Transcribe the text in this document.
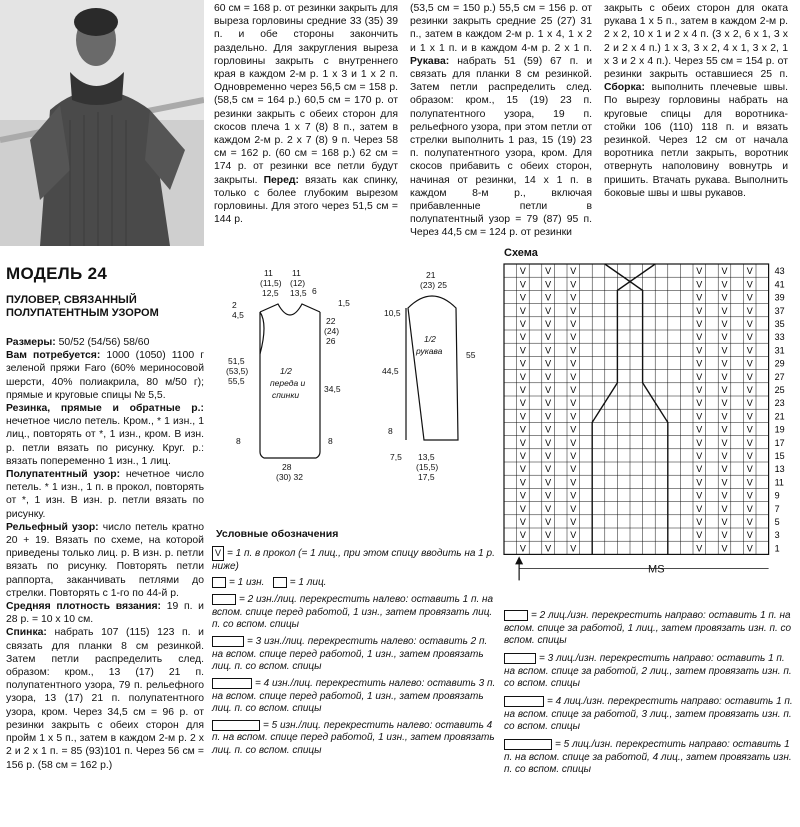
60 см = 168 р. от резинки закрыть для выреза горловины средние 33 (35) 39 п. и обе стороны закончить раздельно. Для закругления выреза горловины закрыть с внутреннего края в каждом 2-м р. 1 х 3 и 1 х 2 п. Одновременно через 56,5 см = 158 р. (58,5 см = 164 р.) 60,5 см = 170 р. от резинки закрыть с обеих сторон для скосов плеча 1 х 7 (8) 8 п., затем в каждом 2-м р. 2 х 7 (8) 9 п. Через 58 см = 162 р. (60 см = 168 р.) 62 см = 174 р. от резинки все петли будут закрыты. Перед: вязать как спинку, только с более глубоким вырезом горловины. Для этого через 51,5 см = 144 р.

(53,5 см = 150 р.) 55,5 см = 156 р. от резинки закрыть средние 25 (27) 31 п., затем в каждом 2-м р. 1 х 4, 1 х 2 и 1 х 1 п. и в каждом 4-м р. 2 х 1 п. Рукава: набрать 51 (59) 67 п. и связать для планки 8 см резинкой. Затем петли распределить след. образом: кром., 15 (19) 23 п. полупатентного узора, 19 п. рельефного узора, при этом петли от стрелки выполнить 1 раз, 15 (19) 23 п. полупатентного узора, кром. Для скосов прибавить с обеих сторон, начиная от резинки, 14 х 1 п. в каждом 8-м р., включая прибавленные петли в полупатентный узор = 79 (87) 95 п. Через 44,5 см = 124 р. от резинки

закрыть с обеих сторон для оката рукава 1 х 5 п., затем в каждом 2-м р. 2 х 2, 10 х 1 и 2 х 4 п. (3 х 2, 6 х 1, 3 х 2 и 2 х 4 п.) 1 х 3, 3 х 2, 4 х 1, 3 х 2, 1 х 3 и 2 х 4 п.). Через 55 см = 154 р. от резинки закрыть оставшиеся 25 п. Сборка: выполнить плечевые швы. По вырезу горловины набрать на круговые спицы для воротника-стойки 106 (110) 118 п. и вязать резинкой. Через 12 см от начала воротника петли закрыть, воротник отвернуть наполовину вовнутрь и пришить. Втачать рукава. Выполнить боковые швы и швы рукавов.

МОДЕЛЬ 24
ПУЛОВЕР, СВЯЗАННЫЙ ПОЛУПАТЕНТНЫМ УЗОРОМ

Размеры: 50/52 (54/56) 58/60
Вам потребуется: 1000 (1050) 1100 г зеленой пряжи Faro (60% мериносовой шерсти, 40% полиакрила, 80 м/50 г); прямые и круговые спицы № 5,5.
Резинка, прямые и обратные р.: нечетное число петель. Кром., * 1 изн., 1 лиц., повторять от *, 1 изн., кром. В изн. р. петли вязать по рисунку. Круг. р.: вязать попеременно 1 изн., 1 лиц.
Полупатентный узор: нечетное число петель. * 1 изн., 1 п. в прокол, повторять от *, 1 изн. В изн. р. петли вязать по рисунку.
Рельефный узор: число петель кратно 20 + 19. Вязать по схеме, на которой приведены только лиц. р. В изн. р. петли вязать по рисунку. Повторять петли раппорта, заканчивать петлями до стрелки. Повторять с 1-го по 44-й р.
Средняя плотность вязания: 19 п. и 28 р. = 10 х 10 см.
Спинка: набрать 107 (115) 123 п. и связать для планки 8 см резинкой. Затем петли распределить след. образом: кром., 13 (17) 21 п. полупатентного узора, 79 п. рельефного узора, 13 (17) 21 п. полупатентного узора, кром. Через 34,5 см = 96 р. от резинки закрыть с обеих сторон для пройм 1 х 5 п., затем в каждом 2-м р. 2 х 2 и 2 х 1 п. = 85 (93)101 п. Через 56 см = 156 р. (58 см = 162 р.)

11
(11,5)
12,5
11
(12)
13,5 6
2
4,5
1,5
22
(24)
26
51,5
(53,5)
55,5
34,5
1/2
переда и
спинки
8	8
28
(30) 32
21
(23) 25
10,5
44,5
55
1/2
рукава
8
7,5 13,5
(15,5)
17,5
Условные обозначения
V = 1 п. в прокол (= 1 лиц., при этом спицу вводить на 1 р. ниже)
= 1 изн.	= 1 лиц.
= 2 изн./лиц. перекрестить налево: оставить 1 п. на вспом. спице перед работой, 1 изн., затем провязать лиц. п. со вспом. спицы
= 3 изн./лиц. перекрестить налево: оставить 2 п. на вспом. спице перед работой, 1 изн., затем провязать лиц. п. со вспом. спицы
= 4 изн./лиц. перекрестить налево: оставить 3 п. на вспом. спице перед работой, 1 изн., затем провязать лиц. п. со вспом. спицы
= 5 изн./лиц. перекрестить налево: оставить 4 п. на вспом. спице перед работой, 1 изн., затем провязать лиц. п. со вспом. спицы
Схема
V V V	V V V 43
V V V	V V V 41
V V V	V V V 39
V V V	V V V 37
V V V	V V V 35
V V V	V V V 33
V V V	V V V 31
V V V	V V V 29
V V V	V V V 27
V V V	V V V 25
V V V	V V V 23
V V V	V V V 21
V V V	V V V 19
V V V	V V V 17
V V V	V V V 15
V V V	V V V 13
V V V	V V V 11
V V V	V V V 9
V V V	V V V 7
V V V	V V V 5
V V V	V V V 3
V V V	V V V 1
MS
= 2 лиц./изн. перекрестить направо: оставить 1 п. на вспом. спице за работой, 1 лиц., затем провязать изн. п. со вспом. спицы
= 3 лиц./изн. перекрестить направо: оставить 1 п. на вспом. спице за работой, 2 лиц., затем провязать изн. п. со вспом. спицы
= 4 лиц./изн. перекрестить направо: оставить 1 п. на вспом. спице за работой, 3 лиц., затем провязать изн. п. со вспом. спицы
= 5 лиц./изн. перекрестить направо: оставить 1 п. на вспом. спице за работой, 4 лиц., затем провязать изн. п. со вспом. спицы
